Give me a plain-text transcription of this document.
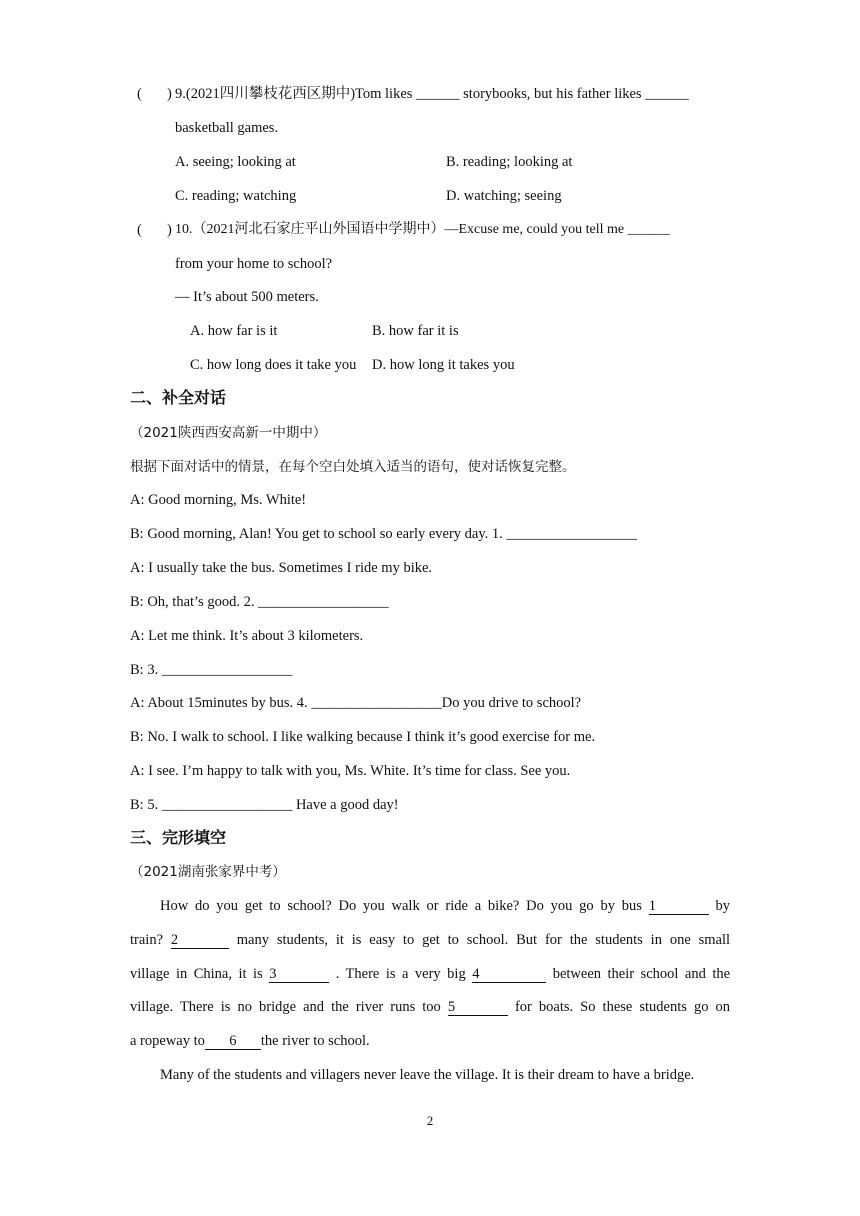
( ) 9.(2021四川攀枝花西区期中)Tom likes ______ storybooks, but his father likes ______
basketball games.
A. seeing; looking at	B. reading; looking at
C. reading; watching	D. watching; seeing
( ) 10.（2021河北石家庄平山外国语中学期中）—Excuse me, could you tell me ______
from your home to school?
— It’s about 500 meters.
A. how far is it	B. how far it is
C. how long does it take you D. how long it takes you
二、补全对话
（2021陕西西安高新一中期中）
根据下面对话中的情景，在每个空白处填入适当的语句，使对话恢复完整。
A: Good morning, Ms. White!
B: Good morning, Alan! You get to school so early every day. 1. __________________
A: I usually take the bus. Sometimes I ride my bike.
B: Oh, that’s good. 2. __________________
A: Let me think. It’s about 3 kilometers.
B: 3. __________________
A: About 15minutes by bus. 4. __________________Do you drive to school?
B: No. I walk to school. I like walking because I think it’s good exercise for me.
A: I see. I’m happy to talk with you, Ms. White. It’s time for class. See you.
B: 5. __________________ Have a good day!
三、完形填空
（2021湖南张家界中考）
How do you get to school? Do you walk or ride a bike? Do you go by bus 1	by
train? 2	many students, it is easy to get to school. But for the students in one small
village in China, it is 3	. There is a very big 4	between their school and the
village. There is no bridge and the river runs too 5	for boats. So these students go on
a ropeway to 6 the river to school.
Many of the students and villagers never leave the village. It is their dream to have a bridge.
2
